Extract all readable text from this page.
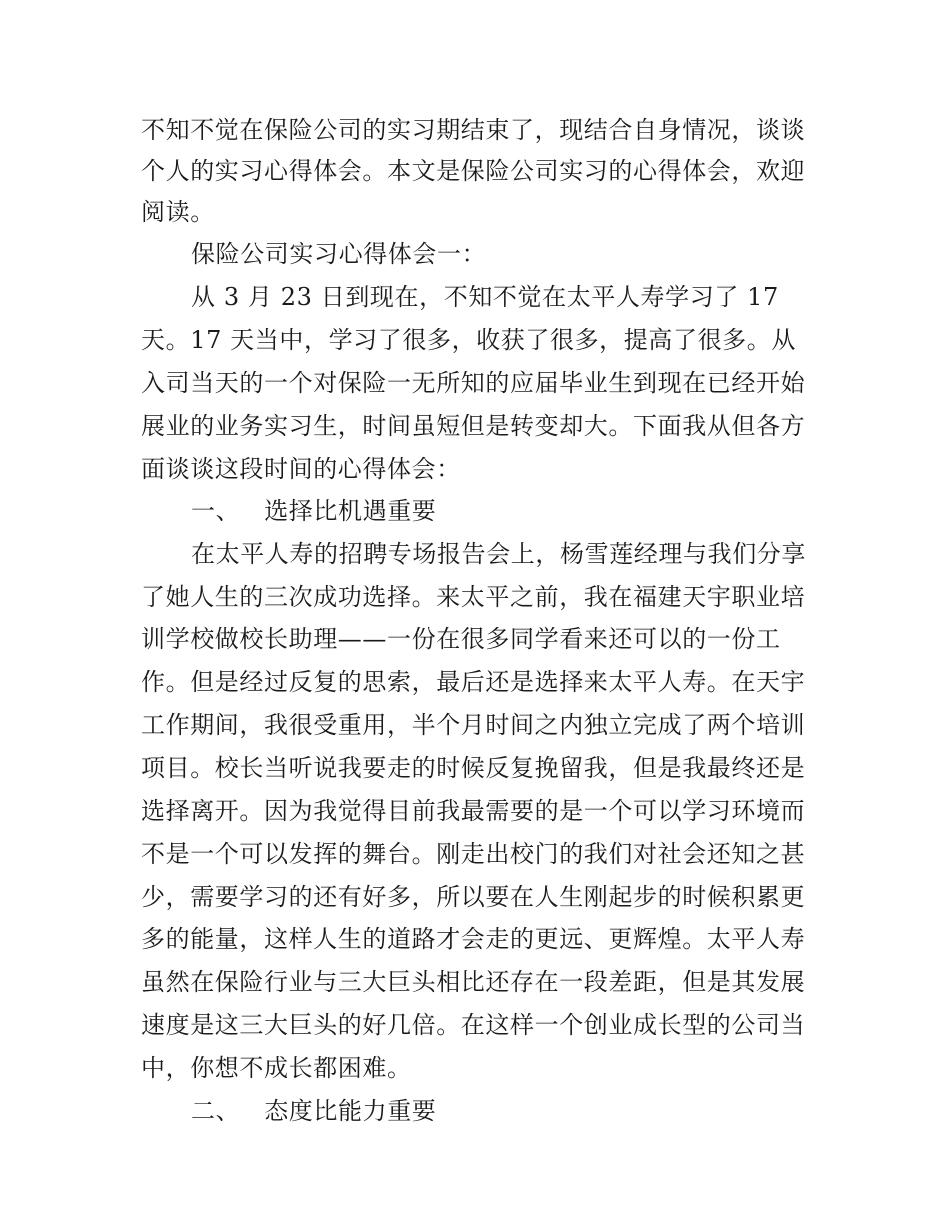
不知不觉在保险公司的实习期结束了，现结合自身情况，谈谈
个人的实习心得体会。本文是保险公司实习的心得体会，欢迎
阅读。
保险公司实习心得体会一：
从 3 月 23 日到现在，不知不觉在太平人寿学习了 17
天。17 天当中，学习了很多，收获了很多，提高了很多。从
入司当天的一个对保险一无所知的应届毕业生到现在已经开始
展业的业务实习生，时间虽短但是转变却大。下面我从但各方
面谈谈这段时间的心得体会：
一、 选择比机遇重要
在太平人寿的招聘专场报告会上，杨雪莲经理与我们分享
了她人生的三次成功选择。来太平之前，我在福建天宇职业培
训学校做校长助理——一份在很多同学看来还可以的一份工
作。但是经过反复的思索，最后还是选择来太平人寿。在天宇
工作期间，我很受重用，半个月时间之内独立完成了两个培训
项目。校长当听说我要走的时候反复挽留我，但是我最终还是
选择离开。因为我觉得目前我最需要的是一个可以学习环境而
不是一个可以发挥的舞台。刚走出校门的我们对社会还知之甚
少，需要学习的还有好多，所以要在人生刚起步的时候积累更
多的能量，这样人生的道路才会走的更远、更辉煌。太平人寿
虽然在保险行业与三大巨头相比还存在一段差距，但是其发展
速度是这三大巨头的好几倍。在这样一个创业成长型的公司当
中，你想不成长都困难。
二、 态度比能力重要
